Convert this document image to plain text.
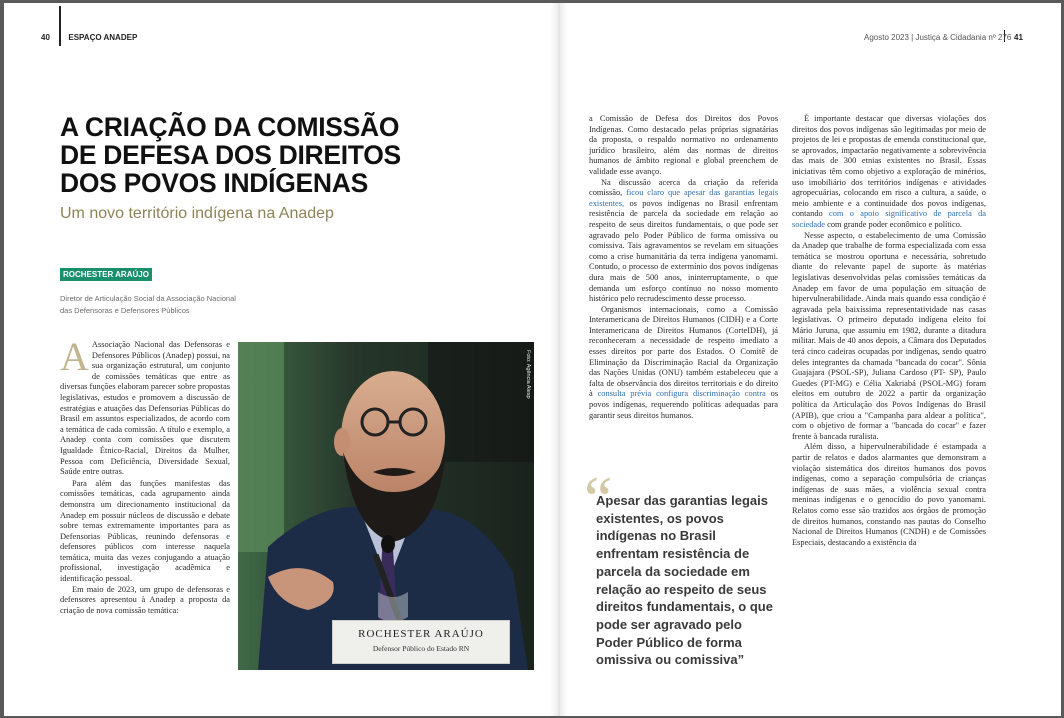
40 ESPAÇO ANADEP	Agosto 2023 | Justiça & Cidadania nº 276 41
A CRIAÇÃO DA COMISSÃO DE DEFESA DOS DIREITOS DOS POVOS INDÍGENAS
Um novo território indígena na Anadep
ROCHESTER ARAÚJO
Diretor de Articulação Social da Associação Nacional das Defensoras e Defensores Públicos

A Associação Nacional das Defensoras e Defensores Públicos (Anadep) possui, na sua organização estrutural, um conjunto de comissões temáticas que entre as diversas funções elaboram parecer sobre propostas legislativas, estudos e promovem a discussão de estratégias e atuações das Defensorias Públicas do Brasil em assuntos especializados, de acordo com a temática de cada comissão. A título e exemplo, a Anadep conta com comissões que discutem Igualdade Étnico-Racial, Direitos da Mulher, Pessoa com Deficiência, Diversidade Sexual, Saúde entre outras.

Para além das funções manifestas das comissões temáticas, cada agrupamento ainda demonstra um direcionamento institucional da Anadep em possuir núcleos de discussão e debate sobre temas extremamente importantes para as Defensorias Públicas, reunindo defensoras e defensores públicos com interesse naquela temática, muita das vezes conjugando a atuação profissional, investigação acadêmica e identificação pessoal.

Em maio de 2023, um grupo de defensoras e defensores apresentou à Anadep a proposta da criação de nova comissão temática:

Foto: Agência Alesp
ROCHESTER ARAÚJO
Defensor Público do Estado RN

a Comissão de Defesa dos Direitos dos Povos Indígenas. Como destacado pelas próprias signatárias da proposta, o respaldo normativo no ordenamento jurídico brasileiro, além das normas de direitos humanos de âmbito regional e global preenchem de validade esse avanço.

Na discussão acerca da criação da referida comissão, ficou claro que apesar das garantias legais existentes, os povos indígenas no Brasil enfrentam resistência de parcela da sociedade em relação ao respeito de seus direitos fundamentais, o que pode ser agravado pelo Poder Público de forma omissiva ou comissiva. Tais agravamentos se revelam em situações como a crise humanitária da terra indígena yanomami. Contudo, o processo de extermínio dos povos indígenas dura mais de 500 anos, ininterruptamente, o que demanda um esforço contínuo no nosso momento histórico pelo recrudescimento desse processo.

Organismos internacionais, como a Comissão Interamericana de Direitos Humanos (CIDH) e a Corte Interamericana de Direitos Humanos (CorteIDH), já reconheceram a necessidade de respeito imediato a esses direitos por parte dos Estados. O Comitê de Eliminação da Discriminação Racial da Organização das Nações Unidas (ONU) também estabeleceu que a falta de observância dos direitos territoriais e do direito à consulta prévia configura discriminação contra os povos indígenas, requerendo políticas adequadas para garantir seus direitos humanos.

“
Apesar das garantias legais existentes, os povos indígenas no Brasil enfrentam resistência de parcela da sociedade em relação ao respeito de seus direitos fundamentais, o que pode ser agravado pelo Poder Público de forma omissiva ou comissiva”

É importante destacar que diversas violações dos direitos dos povos indígenas são legitimadas por meio de projetos de lei e propostas de emenda constitucional que, se aprovados, impactarão negativamente a sobrevivência das mais de 300 etnias existentes no Brasil. Essas iniciativas têm como objetivo a exploração de minérios, uso imobiliário dos territórios indígenas e atividades agropecuárias, colocando em risco a cultura, a saúde, o meio ambiente e a continuidade dos povos indígenas, contando com o apoio significativo de parcela da sociedade com grande poder econômico e político.

Nesse aspecto, o estabelecimento de uma Comissão da Anadep que trabalhe de forma especializada com essa temática se mostrou oportuna e necessária, sobretudo diante do relevante papel de suporte às matérias legislativas desenvolvidas pelas comissões temáticas da Anadep em favor de uma população em situação de hipervulnerabilidade. Ainda mais quando essa condição é agravada pela baixíssima representatividade nas casas legislativas. O primeiro deputado indígena eleito foi Mário Juruna, que assumiu em 1982, durante a ditadura militar. Mais de 40 anos depois, a Câmara dos Deputados terá cinco cadeiras ocupadas por indígenas, sendo quatro deles integrantes da chamada "bancada do cocar". Sônia Guajajara (PSOL-SP), Juliana Cardoso (PT- SP), Paulo Guedes (PT-MG) e Célia Xakriabá (PSOL-MG) foram eleitos em outubro de 2022 a partir da organização política da Articulação dos Povos Indígenas do Brasil (APIB), que criou a "Campanha para aldear a política", com o objetivo de formar a "bancada do cocar" e fazer frente à bancada ruralista.

Além disso, a hipervulnerabilidade é estampada a partir de relatos e dados alarmantes que demonstram a violação sistemática dos direitos humanos dos povos indígenas, como a separação compulsória de crianças indígenas de suas mães, a violência sexual contra meninas indígenas e o genocídio do povo yanomami. Relatos como esse são trazidos aos órgãos de promoção de direitos humanos, constando nas pautas do Conselho Nacional de Direitos Humanos (CNDH) e de Comissões Especiais, destacando a existência da
